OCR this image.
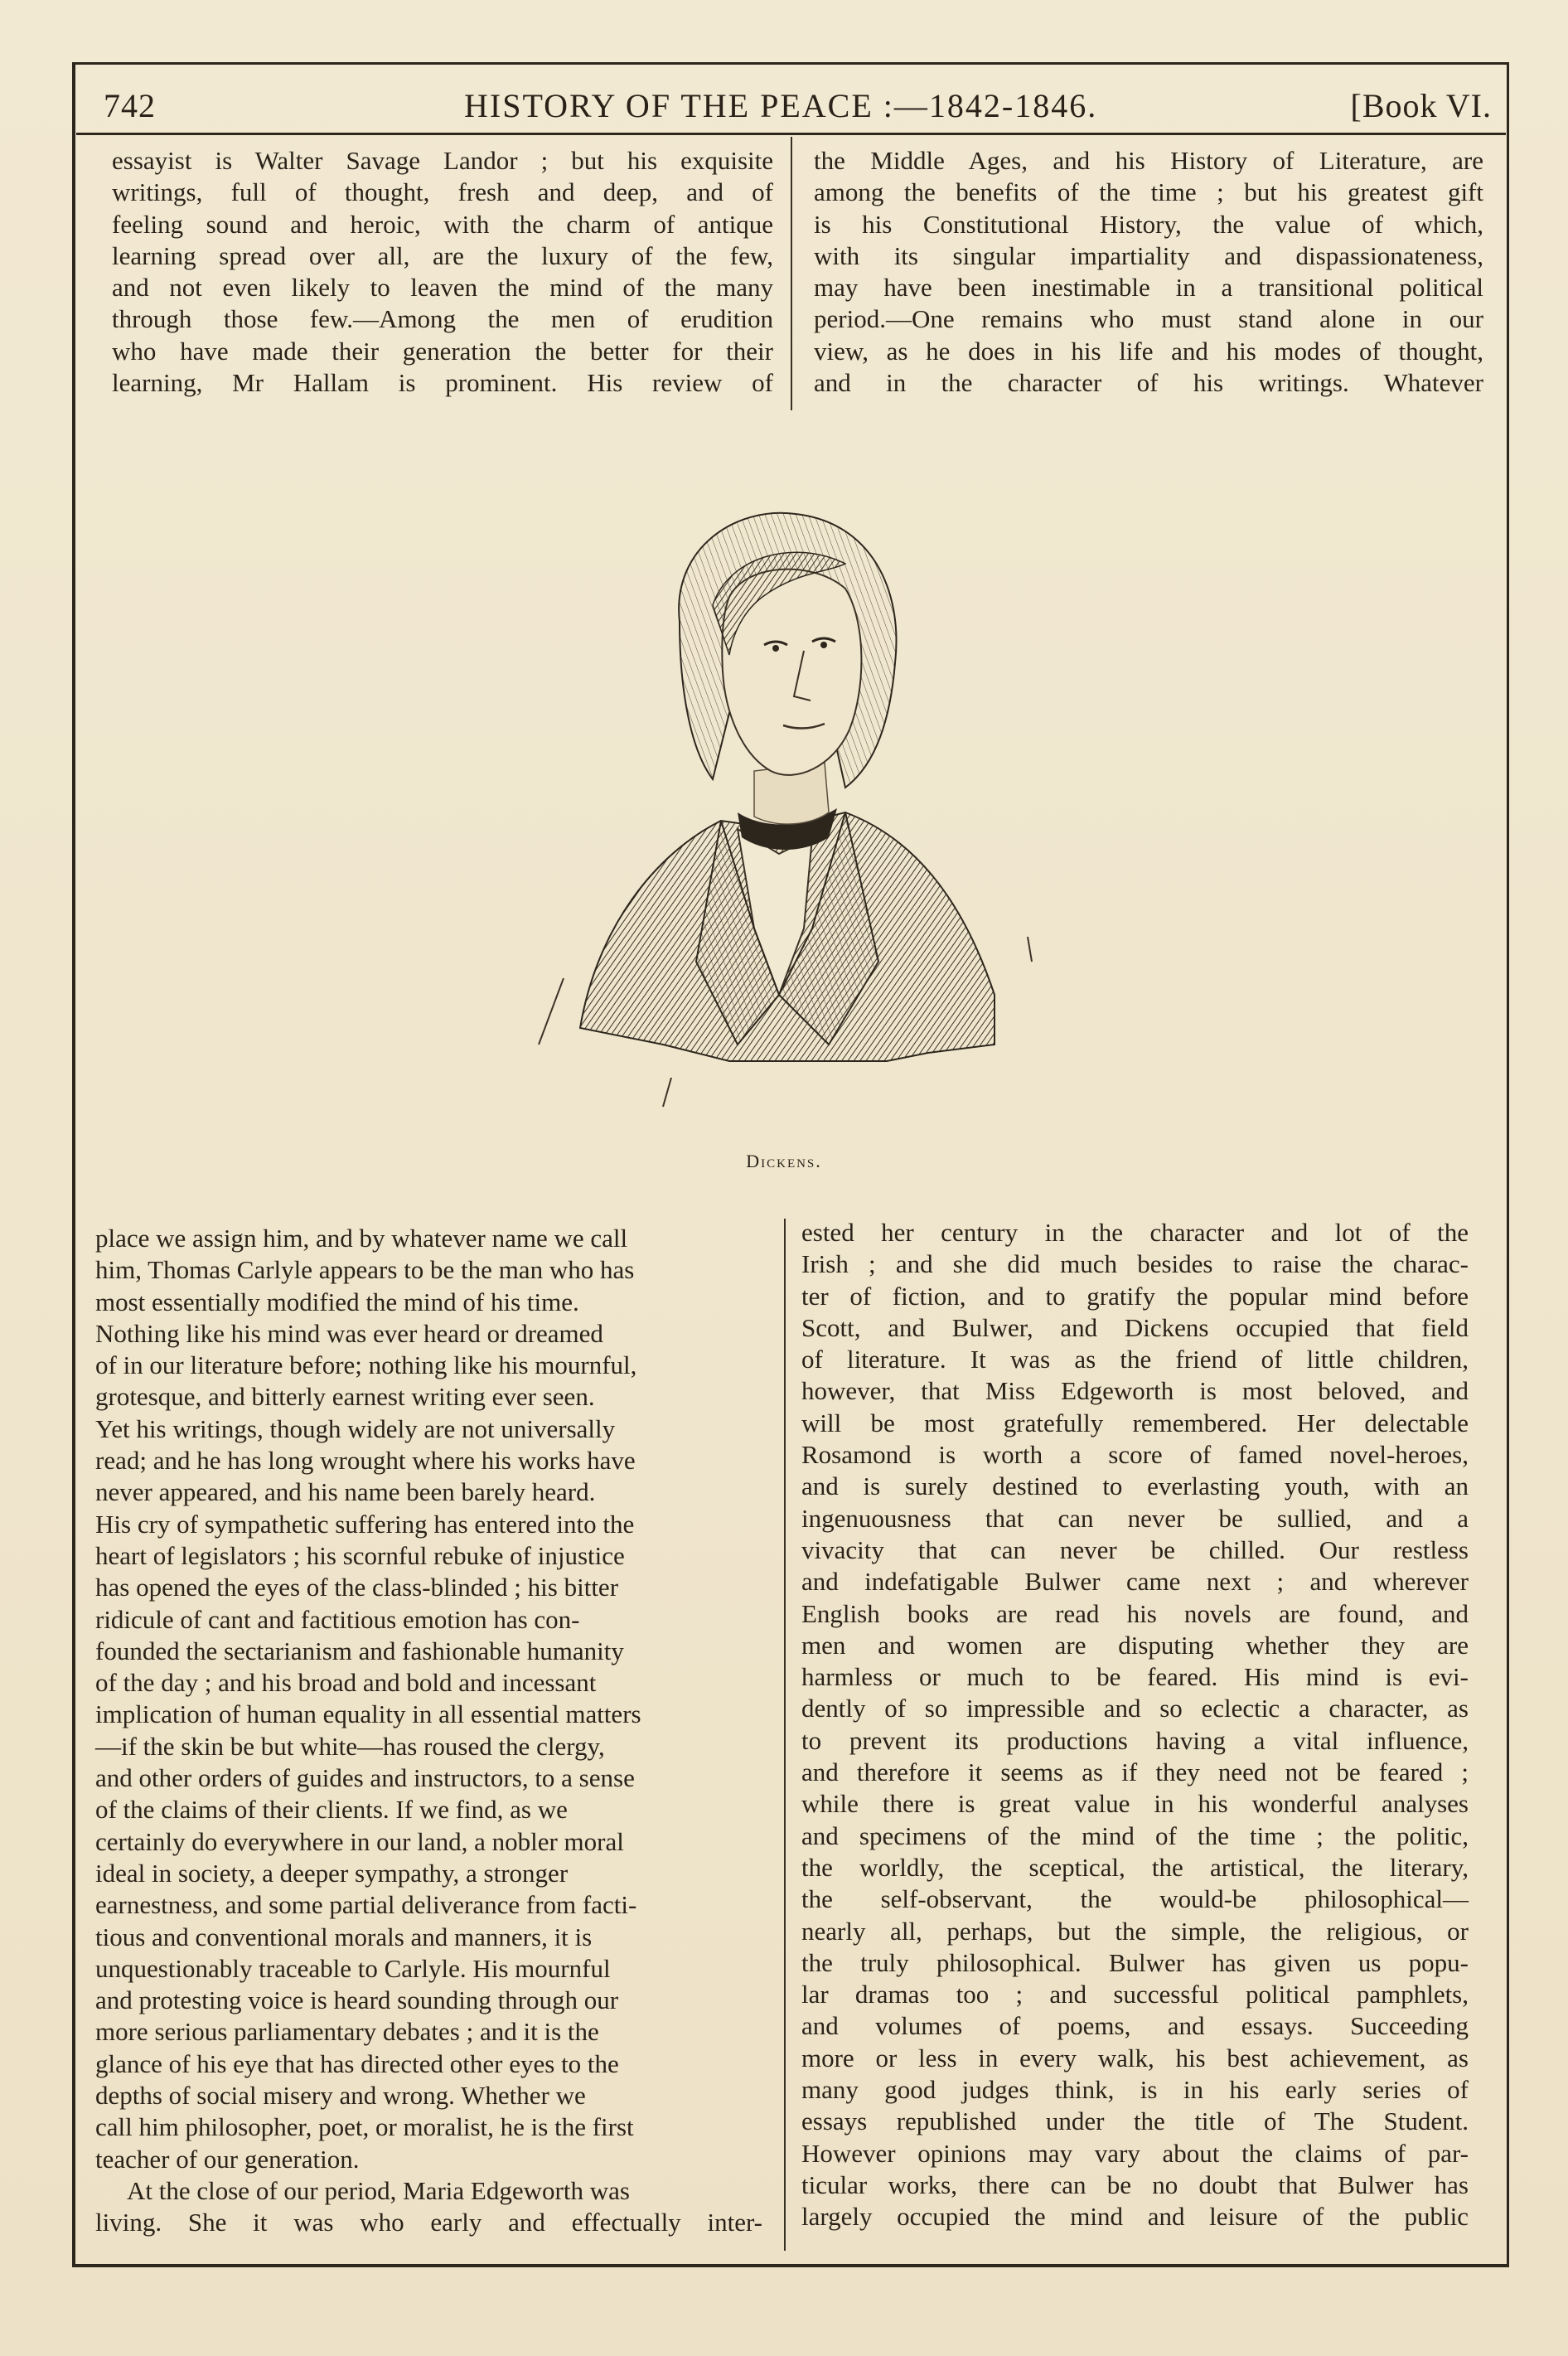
742	HISTORY OF THE PEACE :—1842-1846.	[Book VI.
essayist is Walter Savage Landor ; but his exquisite
writings, full of thought, fresh and deep, and of
feeling sound and heroic, with the charm of antique
learning spread over all, are the luxury of the few,
and not even likely to leaven the mind of the many
through those few.—Among the men of erudition
who have made their generation the better for their
learning, Mr Hallam is prominent. His review of
the Middle Ages, and his History of Literature, are
among the benefits of the time ; but his greatest gift
is his Constitutional History, the value of which,
with its singular impartiality and dispassionateness,
may have been inestimable in a transitional political
period.—One remains who must stand alone in our
view, as he does in his life and his modes of thought,
and in the character of his writings. Whatever
Dickens.
place we assign him, and by whatever name we call
him, Thomas Carlyle appears to be the man who has
most essentially modified the mind of his time.
Nothing like his mind was ever heard or dreamed
of in our literature before; nothing like his mournful,
grotesque, and bitterly earnest writing ever seen.
Yet his writings, though widely are not universally
read; and he has long wrought where his works have
never appeared, and his name been barely heard.
His cry of sympathetic suffering has entered into the
heart of legislators ; his scornful rebuke of injustice
has opened the eyes of the class-blinded ; his bitter
ridicule of cant and factitious emotion has con-
founded the sectarianism and fashionable humanity
of the day ; and his broad and bold and incessant
implication of human equality in all essential matters
—if the skin be but white—has roused the clergy,
and other orders of guides and instructors, to a sense
of the claims of their clients. If we find, as we
certainly do everywhere in our land, a nobler moral
ideal in society, a deeper sympathy, a stronger
earnestness, and some partial deliverance from facti-
tious and conventional morals and manners, it is
unquestionably traceable to Carlyle. His mournful
and protesting voice is heard sounding through our
more serious parliamentary debates ; and it is the
glance of his eye that has directed other eyes to the
depths of social misery and wrong. Whether we
call him philosopher, poet, or moralist, he is the first
teacher of our generation.
At the close of our period, Maria Edgeworth was
living. She it was who early and effectually inter-
ested her century in the character and lot of the
Irish ; and she did much besides to raise the charac-
ter of fiction, and to gratify the popular mind before
Scott, and Bulwer, and Dickens occupied that field
of literature. It was as the friend of little children,
however, that Miss Edgeworth is most beloved, and
will be most gratefully remembered. Her delectable
Rosamond is worth a score of famed novel-heroes,
and is surely destined to everlasting youth, with an
ingenuousness that can never be sullied, and a
vivacity that can never be chilled. Our restless
and indefatigable Bulwer came next ; and wherever
English books are read his novels are found, and
men and women are disputing whether they are
harmless or much to be feared. His mind is evi-
dently of so impressible and so eclectic a character, as
to prevent its productions having a vital influence,
and therefore it seems as if they need not be feared ;
while there is great value in his wonderful analyses
and specimens of the mind of the time ; the politic,
the worldly, the sceptical, the artistical, the literary,
the self-observant, the would-be philosophical—
nearly all, perhaps, but the simple, the religious, or
the truly philosophical. Bulwer has given us popu-
lar dramas too ; and successful political pamphlets,
and volumes of poems, and essays. Succeeding
more or less in every walk, his best achievement, as
many good judges think, is in his early series of
essays republished under the title of The Student.
However opinions may vary about the claims of par-
ticular works, there can be no doubt that Bulwer has
largely occupied the mind and leisure of the public
